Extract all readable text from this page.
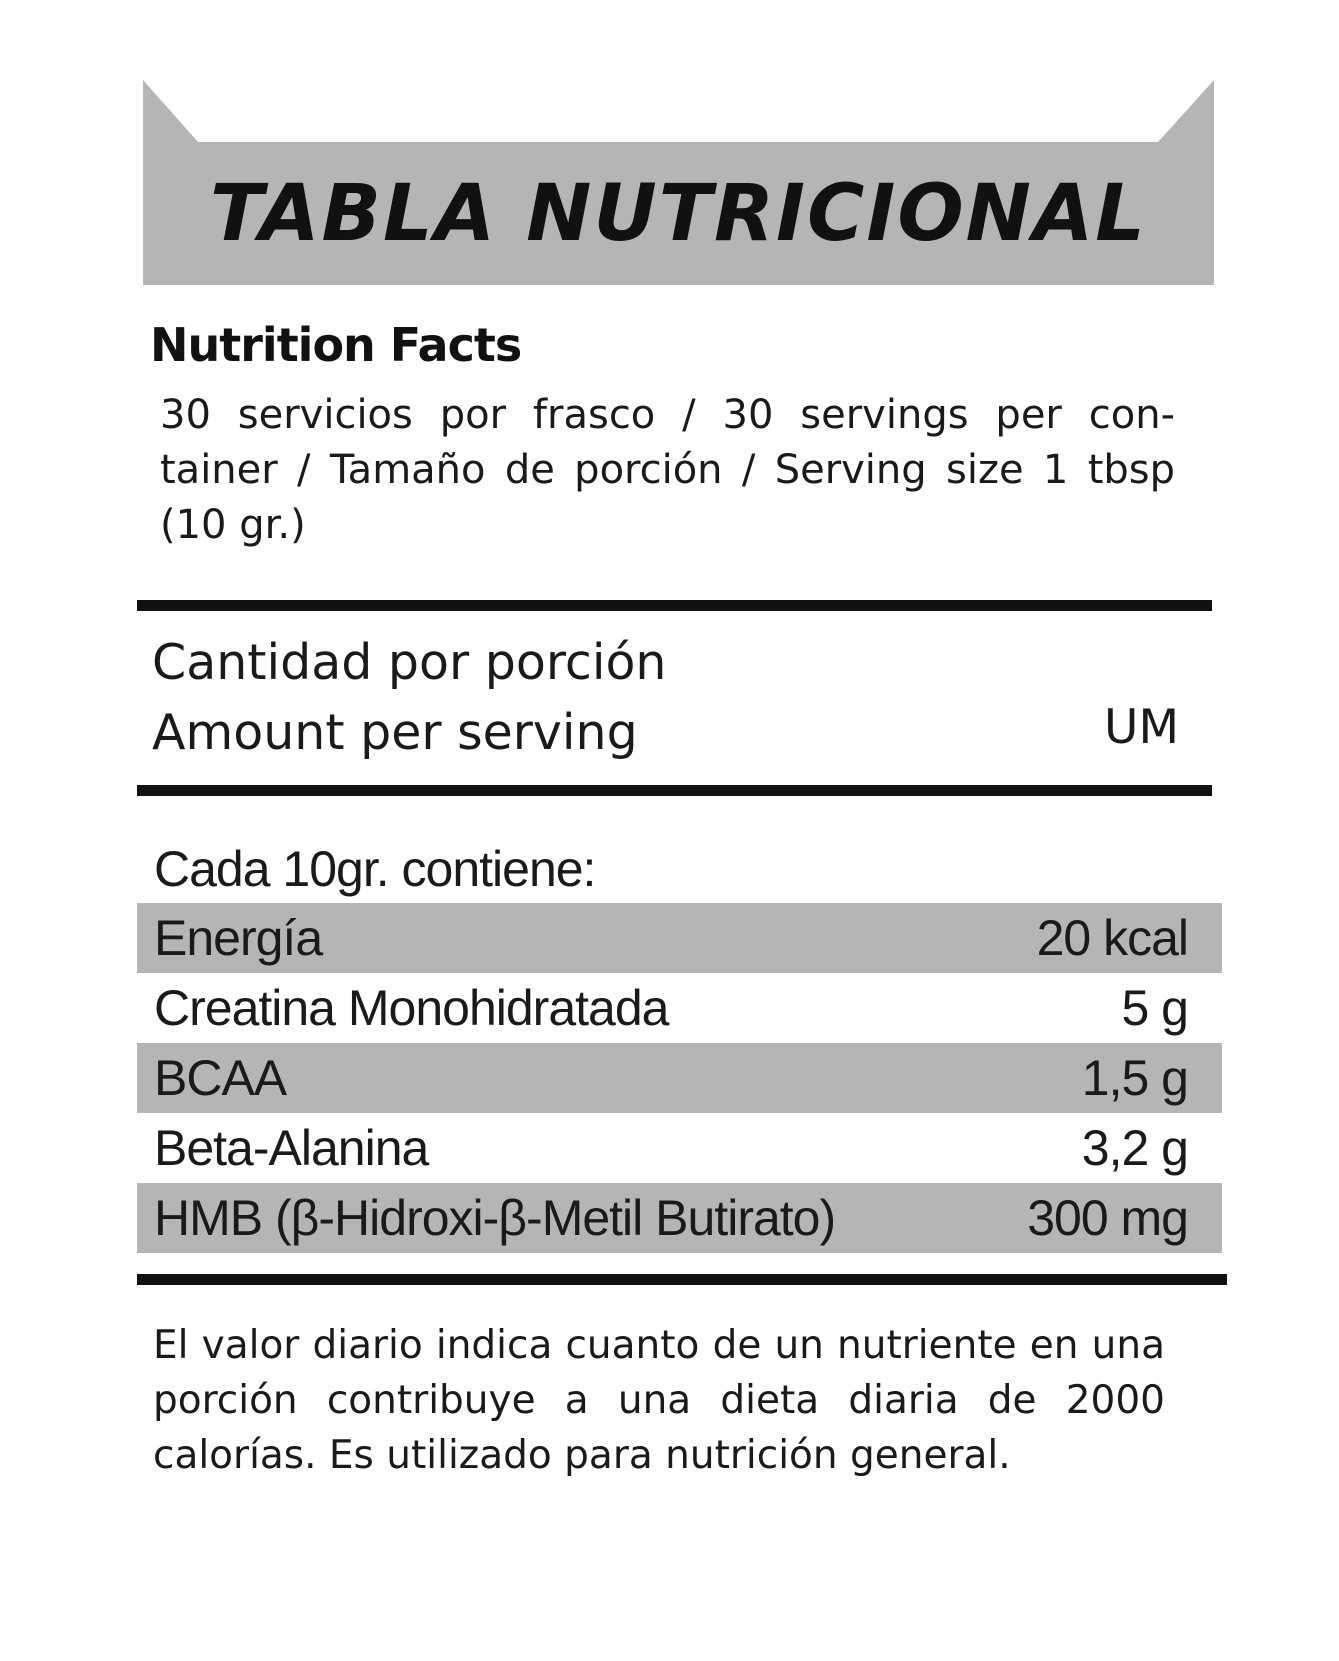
TABLA NUTRICIONAL
Nutrition Facts
30 servicios por frasco / 30 servings per con-tainer / Tamaño de porción / Serving size 1 tbsp (10 gr.)
Cantidad por porción
Amount per serving	UM
Cada 10gr. contiene:
Energía	20 kcal
Creatina Monohidratada	5 g
BCAA	1,5 g
Beta-Alanina	3,2 g
HMB (β-Hidroxi-β-Metil Butirato)	300 mg
El valor diario indica cuanto de un nutriente en una porción contribuye a una dieta diaria de 2000 calorías. Es utilizado para nutrición general.
